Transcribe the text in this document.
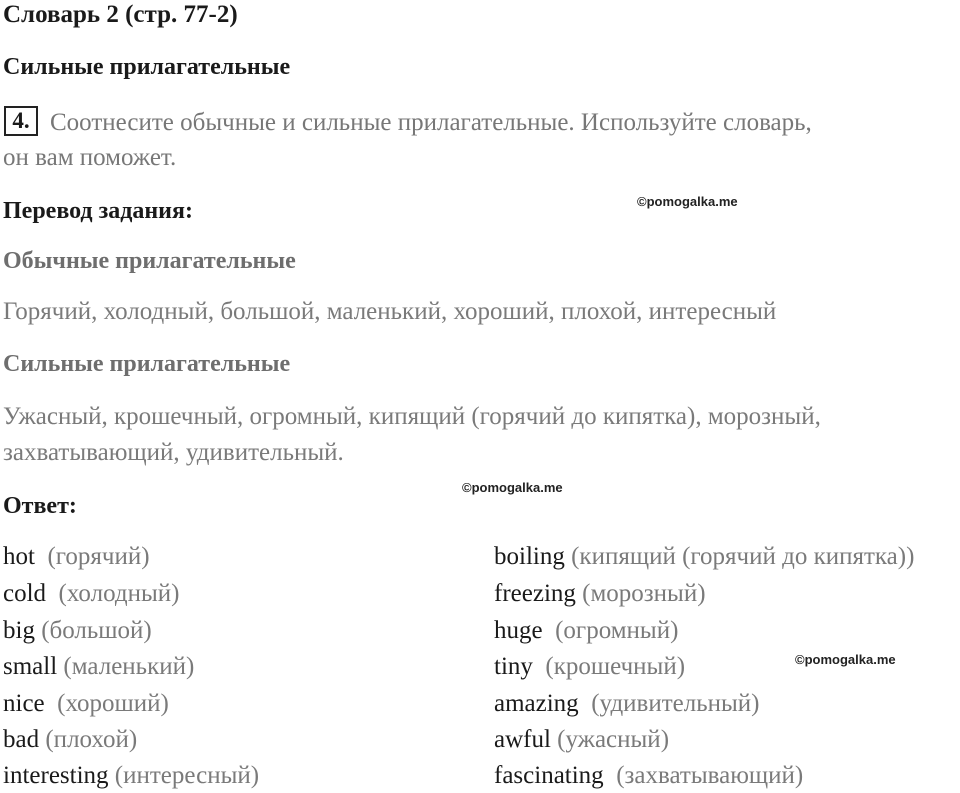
Словарь 2 (стр. 77-2)
Сильные прилагательные
4. Соотнесите обычные и сильные прилагательные. Используйте словарь,
он вам поможет.
Перевод задания:	©pomogalka.me
Обычные прилагательные
Горячий, холодный, большой, маленький, хороший, плохой, интересный
Сильные прилагательные
Ужасный, крошечный, огромный, кипящий (горячий до кипятка), морозный,
захватывающий, удивительный.
©pomogalka.me
Ответ:
hot (горячий)
cold (холодный)
big (большой)
small (маленький)
nice (хороший)
bad (плохой)
interesting (интересный)
boiling (кипящий (горячий до кипятка))
freezing (морозный)
huge (огромный)
tiny (крошечный)	©pomogalka.me
amazing (удивительный)
awful (ужасный)
fascinating (захватывающий)
